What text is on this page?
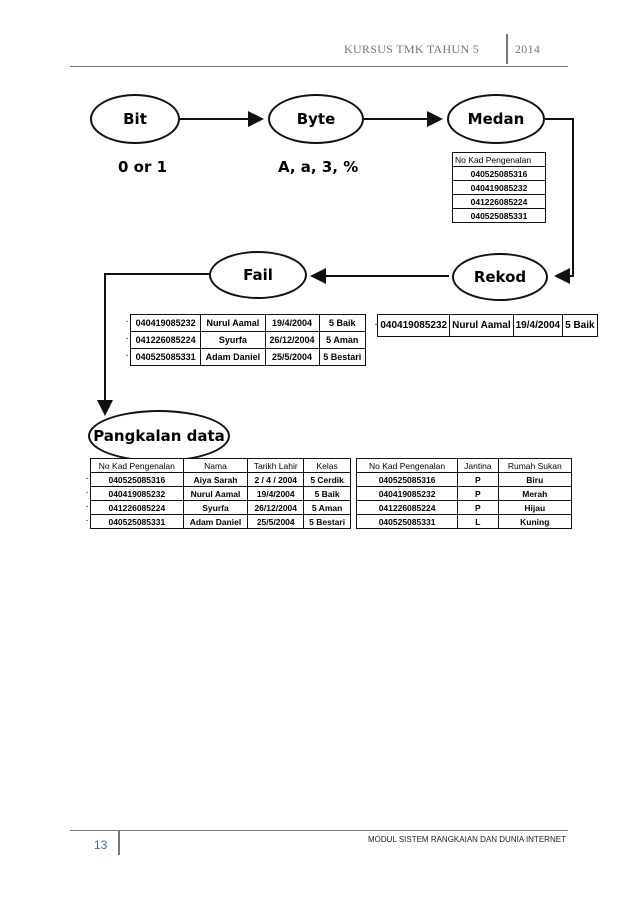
KURSUS TMK TAHUN 5	2014
Bit	Byte	Medan
Rekod
Fail
Pangkalan data
0 or 1	A, a, 3, %	No Kad Pengenalan
040525085316
040419085232
041226085224
040525085331
·	040419085232	Nurul Aamal	19/4/2004	5 Baik
·	040419085232	Nurul Aamal	19/4/2004	5 Baik
·	041226085224	Syurfa	26/12/2004	5 Aman
·	040525085331	Adam Daniel	25/5/2004	5 Bestari
	No Kad Pengenalan	Nama	Tarikh Lahir	Kelas
·	040525085316	Aiya Sarah	2 / 4 / 2004	5 Cerdik
·	040419085232	Nurul Aamal	19/4/2004	5 Baik
·	041226085224	Syurfa	26/12/2004	5 Aman
·	040525085331	Adam Daniel	25/5/2004	5 Bestari
No Kad Pengenalan	Jantina	Rumah Sukan
040525085316	P	Biru
040419085232	P	Merah
041226085224	P	Hijau
040525085331	L	Kuning
13	MODUL SISTEM RANGKAIAN DAN DUNIA INTERNET
